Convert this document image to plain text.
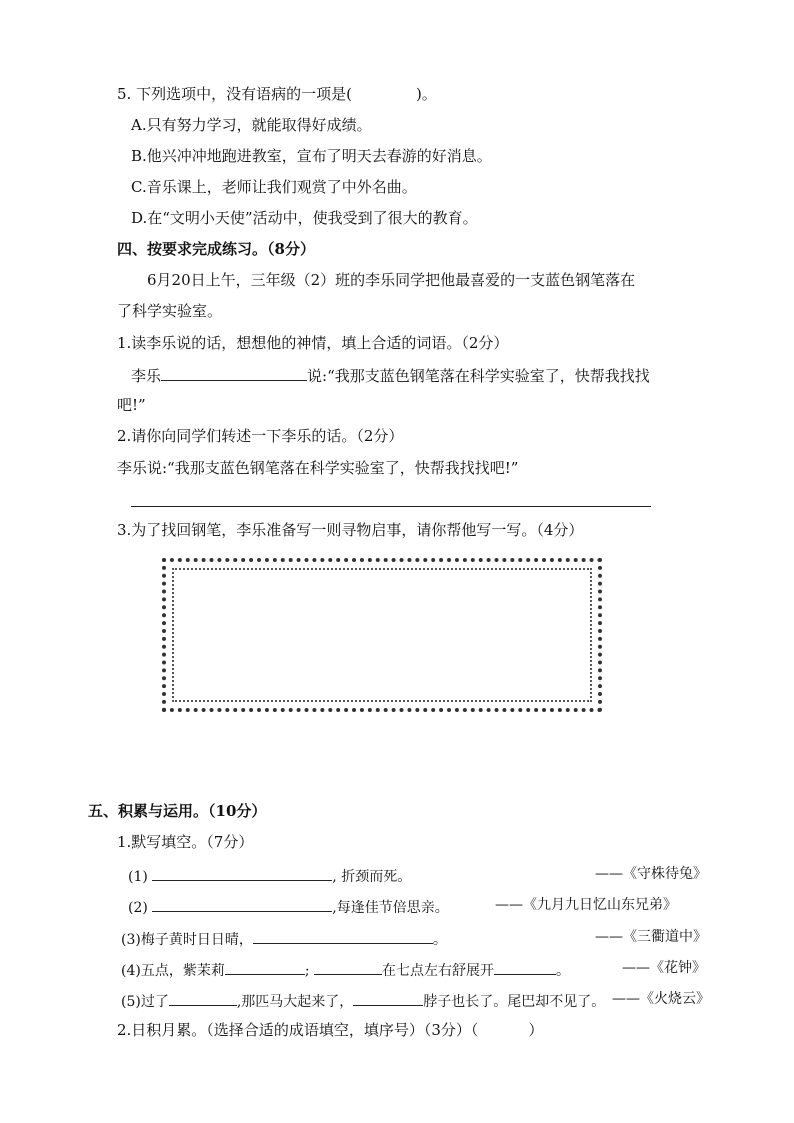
5. 下列选项中，没有语病的一项是(	)。
A.只有努力学习，就能取得好成绩。
B.他兴冲冲地跑进教室，宣布了明天去春游的好消息。
C.音乐课上，老师让我们观赏了中外名曲。
D.在“文明小天使”活动中，使我受到了很大的教育。
四、按要求完成练习。（8分）
6月20日上午，三年级（2）班的李乐同学把他最喜爱的一支蓝色钢笔落在
了科学实验室。
1.读李乐说的话，想想他的神情，填上合适的词语。（2分）
李乐	说:“我那支蓝色钢笔落在科学实验室了，快帮我找找
吧!”
2.请你向同学们转述一下李乐的话。（2分）
李乐说:“我那支蓝色钢笔落在科学实验室了，快帮我找找吧!”
3.为了找回钢笔，李乐准备写一则寻物启事，请你帮他写一写。（4分）
五、积累与运用。（10分）
1.默写填空。（7分）
(1)	, 折颈而死。	——《守株待兔》
(2)	,每逢佳节倍思亲。	——《九月九日忆山东兄弟》
(3)梅子黄时日日晴，	。	——《三衢道中》
(4)五点，紫茉莉	;	在七点左右舒展开	。	——《花钟》
(5)过了	,那匹马大起来了，	脖子也长了。尾巴却不见了。 ——《火烧云》
2.日积月累。（选择合适的成语填空，填序号）（3分）（	）
